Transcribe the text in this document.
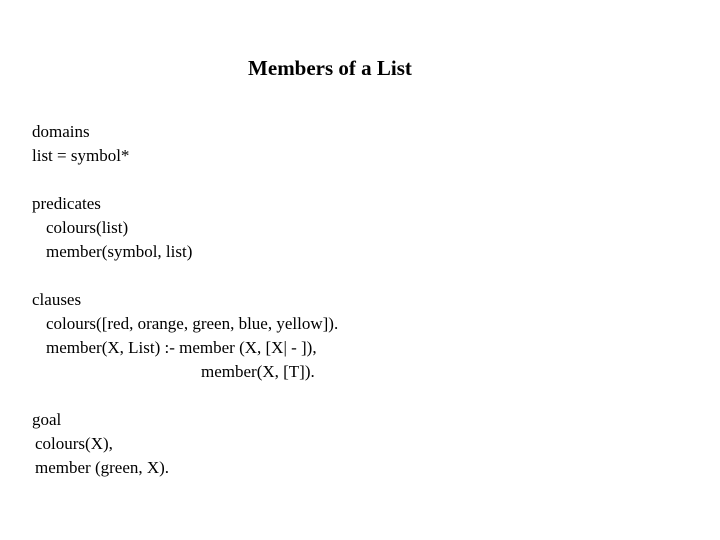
Members of a List
domains
list = symbol*
predicates
colours(list)
member(symbol, list)
clauses
colours([red, orange, green, blue, yellow]).
member(X, List) :- member (X, [X| - ]),
member(X, [T]).
goal
colours(X),
member (green, X).
